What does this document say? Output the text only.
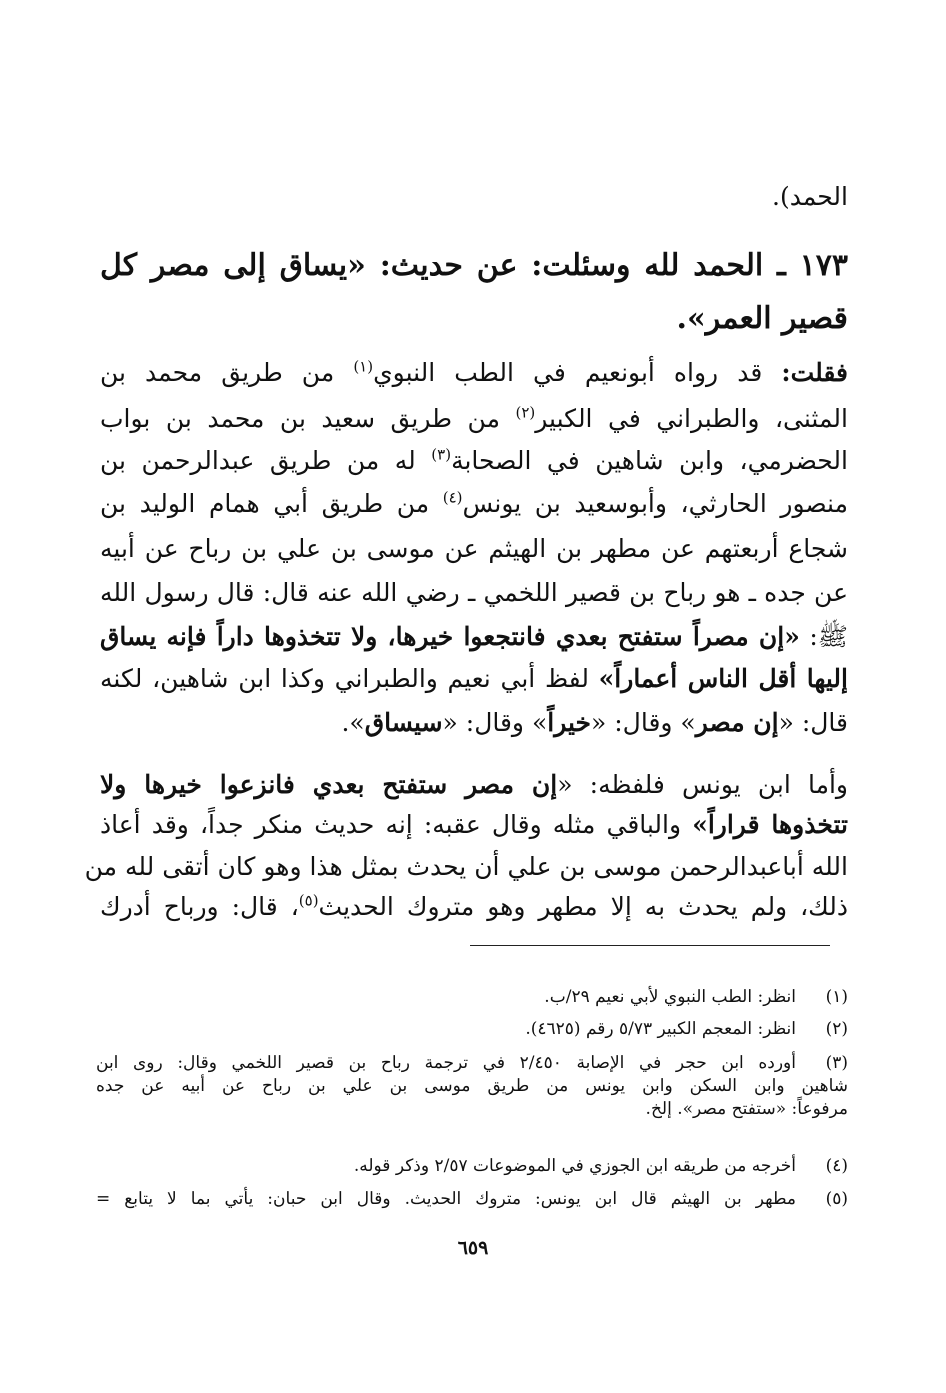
الحمد).
١٧٣ ـ الحمد لله وسئلت: عن حديث: «يساق إلى مصر كل
قصير العمر».
فقلت: قد رواه أبونعيم في الطب النبوي$^{(١)}$ من طريق محمد بن
المثنى، والطبراني في الكبير$^{(٢)}$ من طريق سعيد بن محمد بن بواب
الحضرمي، وابن شاهين في الصحابة$^{(٣)}$ له من طريق عبدالرحمن بن
منصور الحارثي، وأبوسعيد بن يونس$^{(٤)}$ من طريق أبي همام الوليد بن
شجاع أربعتهم عن مطهر بن الهيثم عن موسى بن علي بن رباح عن أبيه
عن جده ـ هو رباح بن قصير اللخمي ـ رضي الله عنه قال: قال رسول الله
ﷺ: «إن مصراً ستفتح بعدي فانتجعوا خيرها، ولا تتخذوها داراً فإنه يساق
إليها أقل الناس أعماراً» لفظ أبي نعيم والطبراني وكذا ابن شاهين، لكنه
قال: «إن مصر» وقال: «خيراً» وقال: «سيساق».
وأما ابن يونس فلفظه: «إن مصر ستفتح بعدي فانزعوا خيرها ولا
تتخذوها قراراً» والباقي مثله وقال عقبه: إنه حديث منكر جداً، وقد أعاذ
الله أباعبدالرحمن موسى بن علي أن يحدث بمثل هذا وهو كان أتقى لله من
ذلك، ولم يحدث به إلا مطهر وهو متروك الحديث$^{(٥)}$، قال: ورباح أدرك
(١)
انظر: الطب النبوي لأبي نعيم ٢٩/ب.
(٢)
انظر: المعجم الكبير ٥/٧٣ رقم (٤٦٢٥).
(٣)
أورده ابن حجر في الإصابة ٢/٤٥٠ في ترجمة رباح بن قصير اللخمي وقال: روى ابن
شاهين وابن السكن وابن يونس من طريق موسى بن علي بن رباح عن أبيه عن جده
مرفوعاً: «ستفتح مصر». إلخ.
(٤)
أخرجه من طريقه ابن الجوزي في الموضوعات ٢/٥٧ وذكر قوله.
(٥)
مطهر بن الهيثم قال ابن يونس: متروك الحديث. وقال ابن حبان: يأتي بما لا يتابع =
٦٥٩
